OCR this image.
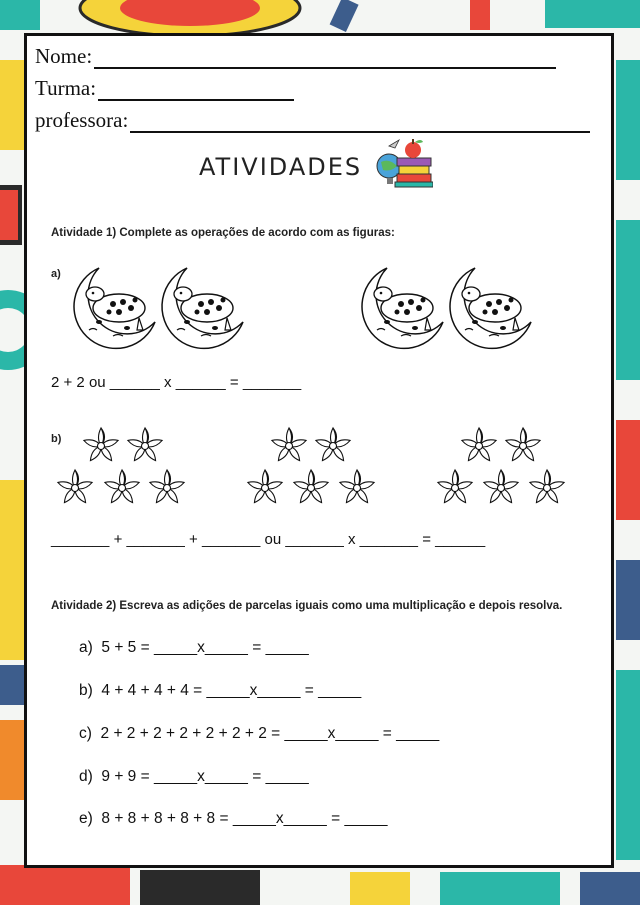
Nome:
Turma:
professora:
ATIVIDADES
Atividade 1) Complete as operações de acordo com as figuras:
a)
2 + 2 ou ______ x ______ = _______
b)
_______ + _______ + _______ ou _______ x _______ = ______
Atividade 2) Escreva as adições de parcelas iguais como uma multiplicação e depois resolva.
a)  5 + 5 = _____x_____ = _____
b)  4 + 4 + 4 + 4 = _____x_____ = _____
c)  2 + 2 + 2 + 2 + 2 + 2 + 2 = _____x_____ = _____
d)  9 + 9 = _____x_____ = _____
e)  8 + 8 + 8 + 8 + 8 = _____x_____ = _____
